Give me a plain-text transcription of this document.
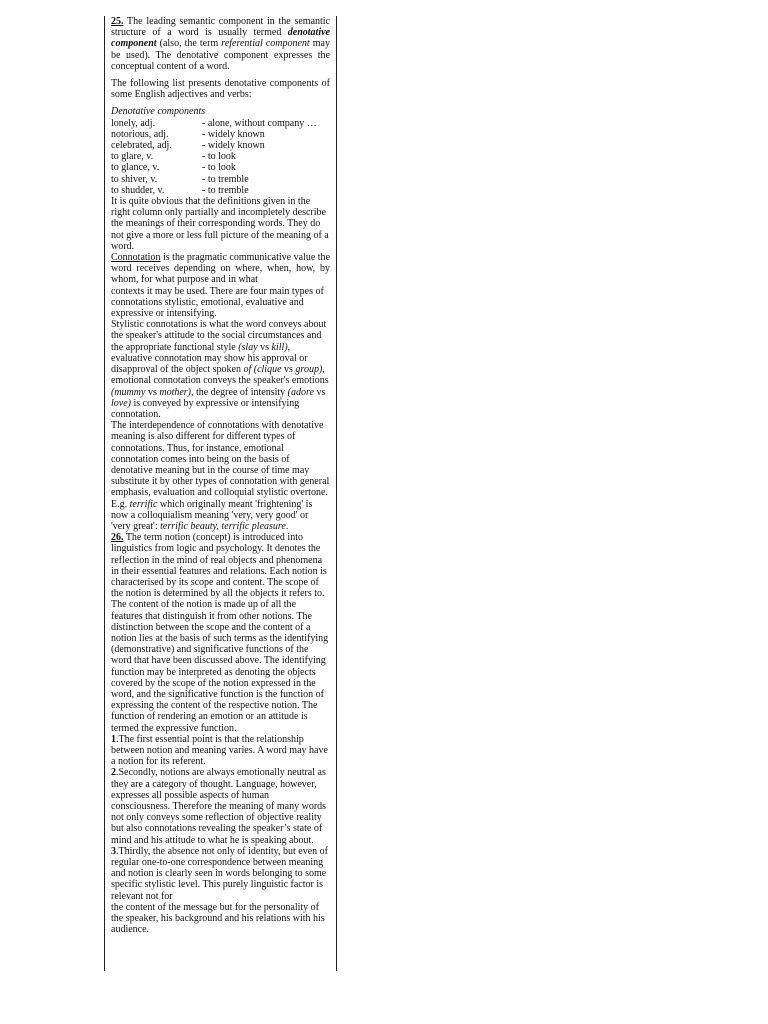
25. The leading semantic component in the semantic structure of a word is usually termed denotative component (also, the term referential component may be used). The denotative component expresses the conceptual content of a word.

The following list presents denotative components of some English adjectives and verbs:

Denotative components

lonely, adj.	- alone, without company …
notorious, adj.	- widely known
celebrated, adj.	- widely known
to glare, v.	- to look
to glance, v.	- to look
to shiver, v.	- to tremble
to shudder, v.	- to tremble

It is quite obvious that the definitions given in the right column only partially and incompletely describe the meanings of their corresponding words. They do not give a more or less full picture of the meaning of a word.

Connotation is the pragmatic communicative value the word receives depending on where, when, how, by whom, for what purpose and in what

contexts it may be used. There are four main types of connotations stylistic, emotional, evaluative and expressive or intensifying.

Stylistic connotations is what the word conveys about the speaker's attitude to the social circumstances and the appropriate functional style (slay vs kill), evaluative connotation may show his approval or disapproval of the object spoken of (clique vs group), emotional connotation conveys the speaker's emotions (mummy vs mother), the degree of intensity (adore vs love) is conveyed by expressive or intensifying connotation.

The interdependence of connotations with denotative meaning is also different for different types of connotations. Thus, for instance, emotional connotation comes into being on the basis of denotative meaning but in the course of time may substitute it by other types of connotation with general emphasis, evaluation and colloquial stylistic overtone. E.g. terrific which originally meant 'frightening' is now a colloquialism meaning 'very, very good' or 'very great': terrific beauty, terrific pleasure.

26. The term notion (concept) is introduced into linguistics from logic and psychology. It denotes the reflection in the mind of real objects and phenomena in their essential features and relations. Each notion is characterised by its scope and content. The scope of the notion is determined by all the objects it refers to. The content of the notion is made up of all the features that distinguish it from other notions. The distinction between the scope and the content of a notion lies at the basis of such terms as the identifying (demonstrative) and significative functions of the word that have been discussed above. The identifying function may be interpreted as denoting the objects covered by the scope of the notion expressed in the word, and the significative function is the function of expressing the content of the respective notion. The function of rendering an emotion or an attitude is termed the expressive function.

1.The first essential point is that the relationship between notion and meaning varies. A word may have a notion for its referent.

2.Secondly, notions are always emotionally neutral as they are a category of thought. Language, however, expresses all possible aspects of human consciousness. Therefore the meaning of many words not only conveys some reflection of objective reality but also connotations revealing the speaker’s state of mind and his attitude to what he is speaking about.

3.Thirdly, the absence not only of identity, but even of regular one-to-one correspondence between meaning and notion is clearly seen in words belonging to some specific stylistic level. This purely linguistic factor is relevant not for

the content of the message but for the personality of the speaker, his background and his relations with his audience.
